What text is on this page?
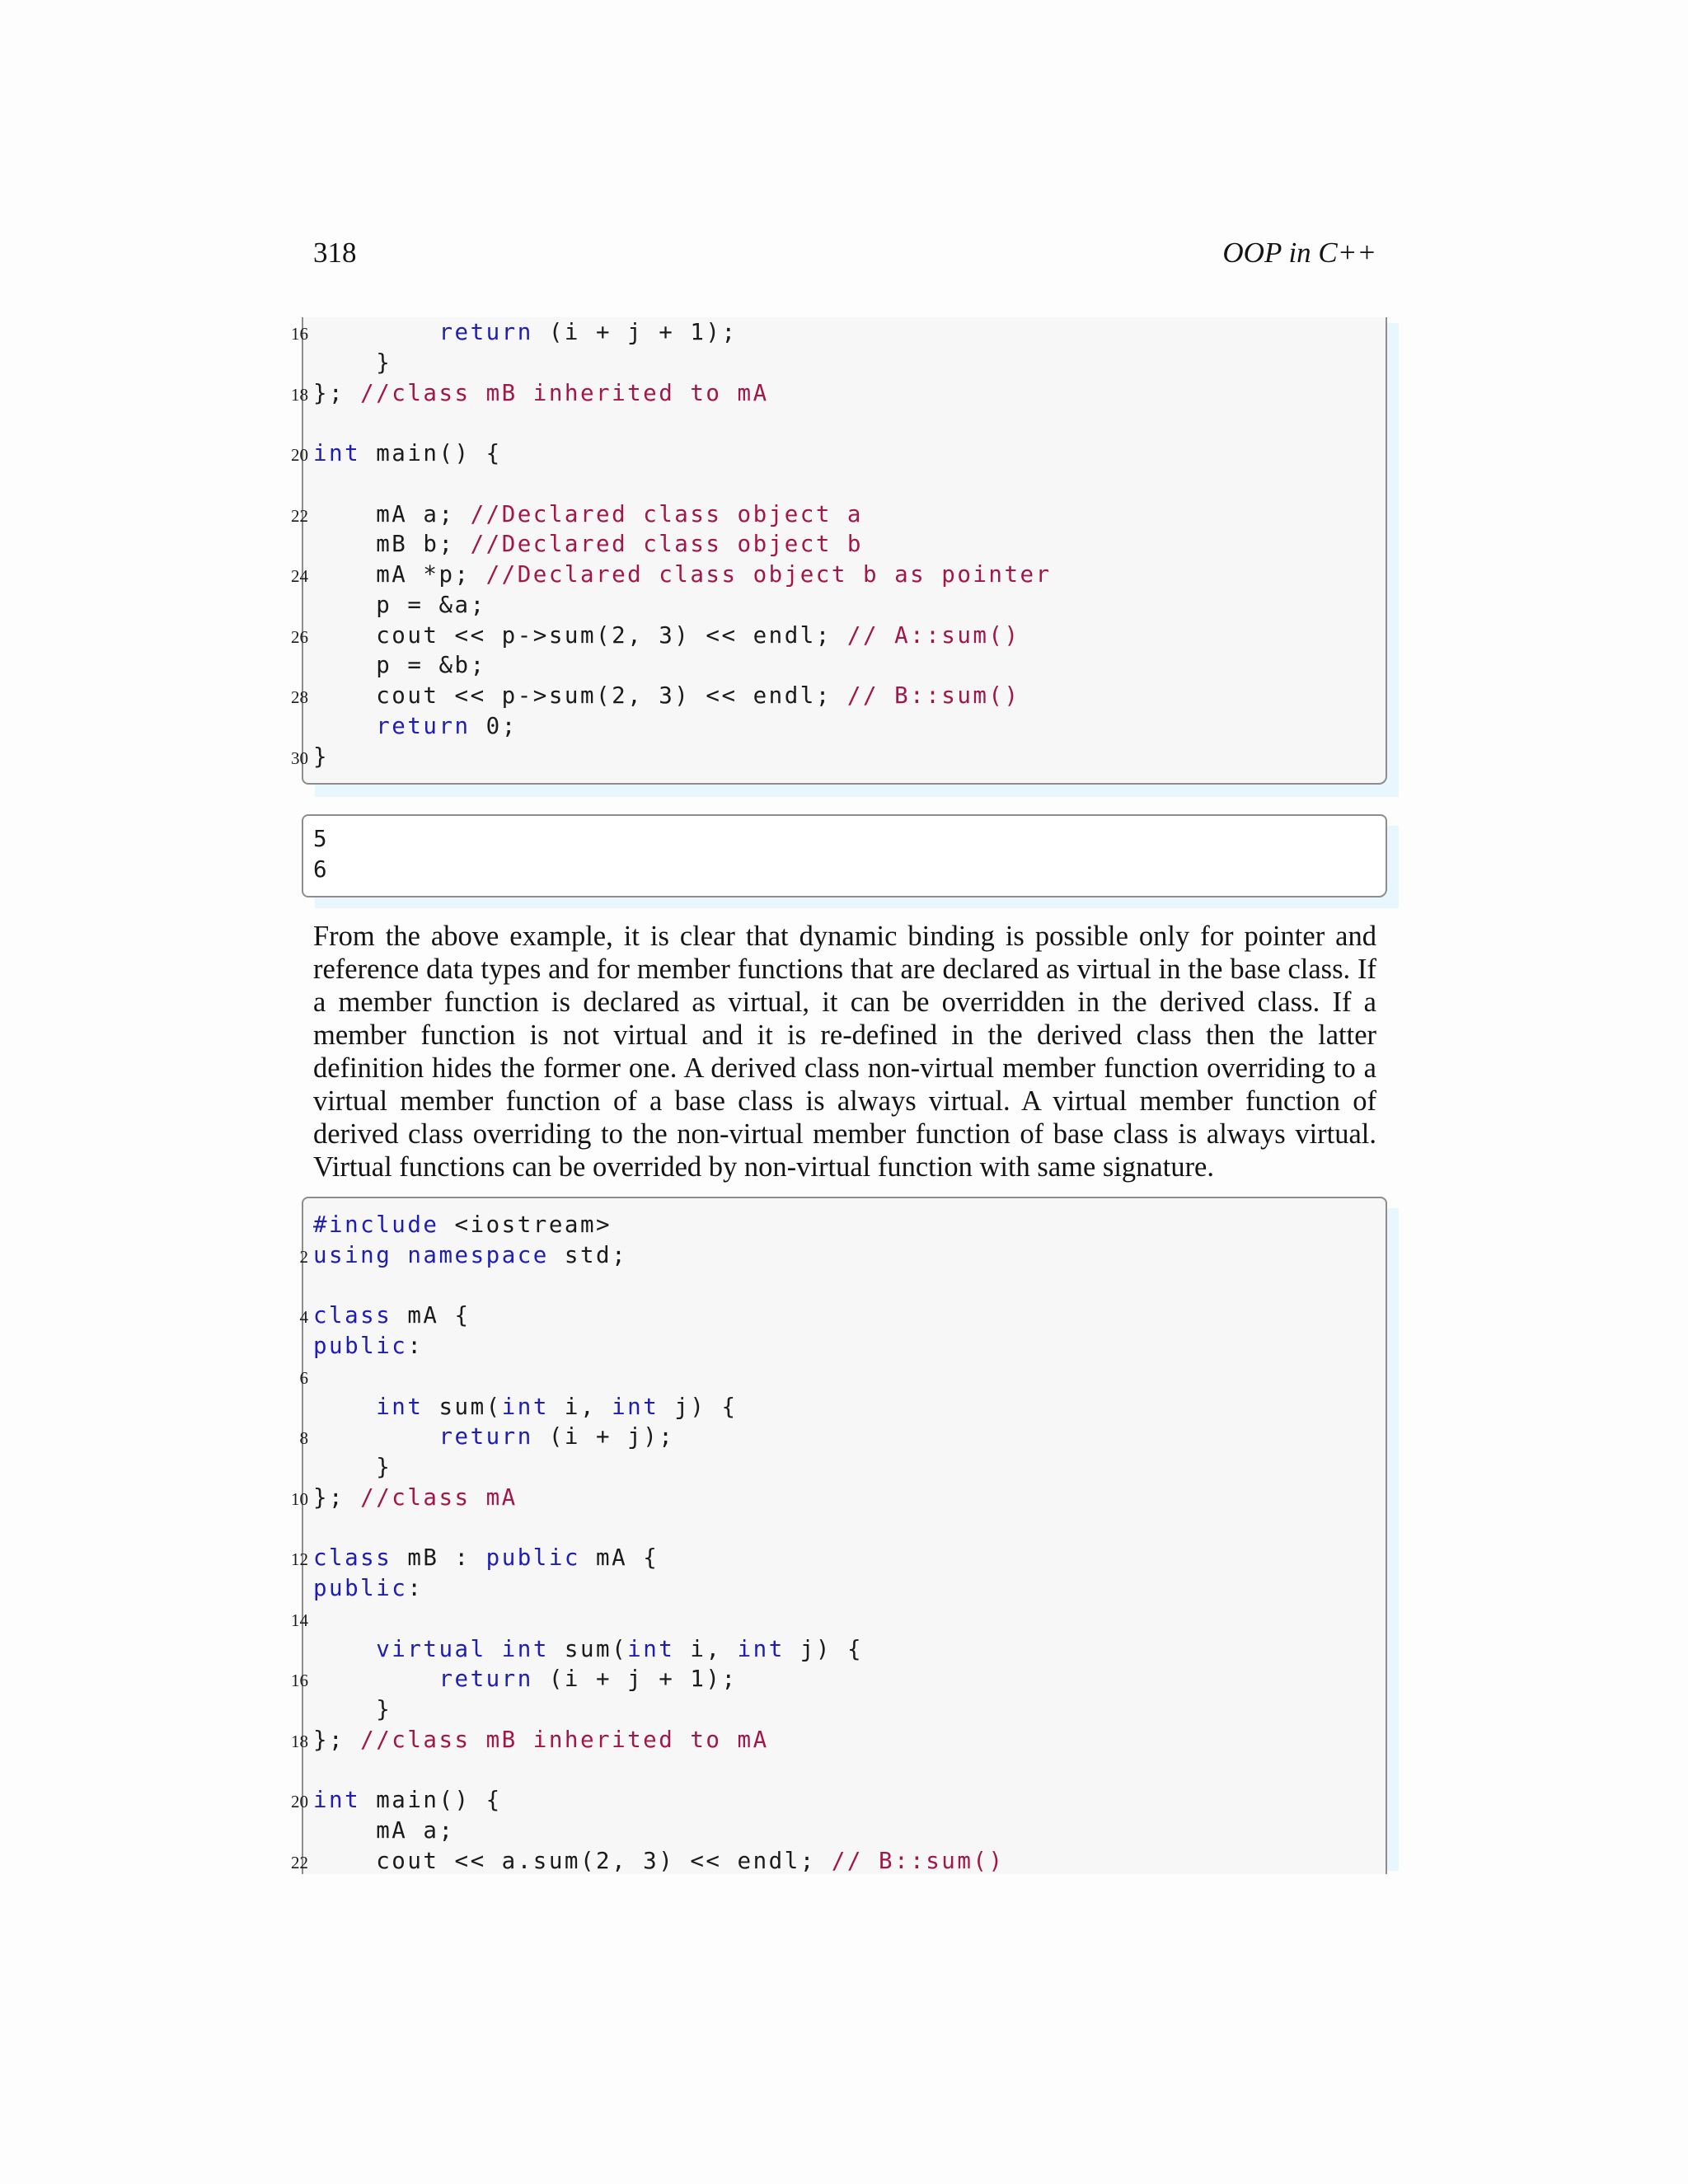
318	OOP in C++
16	return (i + j + 1);
}
18 }; //class mB inherited to mA
20 int main() {
22 mA a; //Declared class object a
mB b; //Declared class object b
24 mA *p; //Declared class object b as pointer
p = &a;
26 cout << p->sum(2, 3) << endl; // A::sum()
p = &b;
28 cout << p->sum(2, 3) << endl; // B::sum()
return 0;
30 }
5
6
From the above example, it is clear that dynamic binding is possible only for pointer and reference data types and for member functions that are declared as virtual in the base class. If a member function is declared as virtual, it can be overridden in the derived class. If a member function is not virtual and it is re-defined in the derived class then the latter definition hides the former one. A derived class non-virtual member function overriding to a virtual member function of a base class is always virtual. A virtual member function of derived class overriding to the non-virtual member function of base class is always virtual. Virtual functions can be overrided by non-virtual function with same signature.
#include <iostream>
2 using namespace std;
4 class mA {
public:
6
int sum(int i, int j) {
8	return (i + j);
}
10 }; //class mA
12 class mB : public mA {
public:
14
virtual int sum(int i, int j) {
16	return (i + j + 1);
}
18 }; //class mB inherited to mA
20 int main() {
mA a;
22 cout << a.sum(2, 3) << endl; // B::sum()
